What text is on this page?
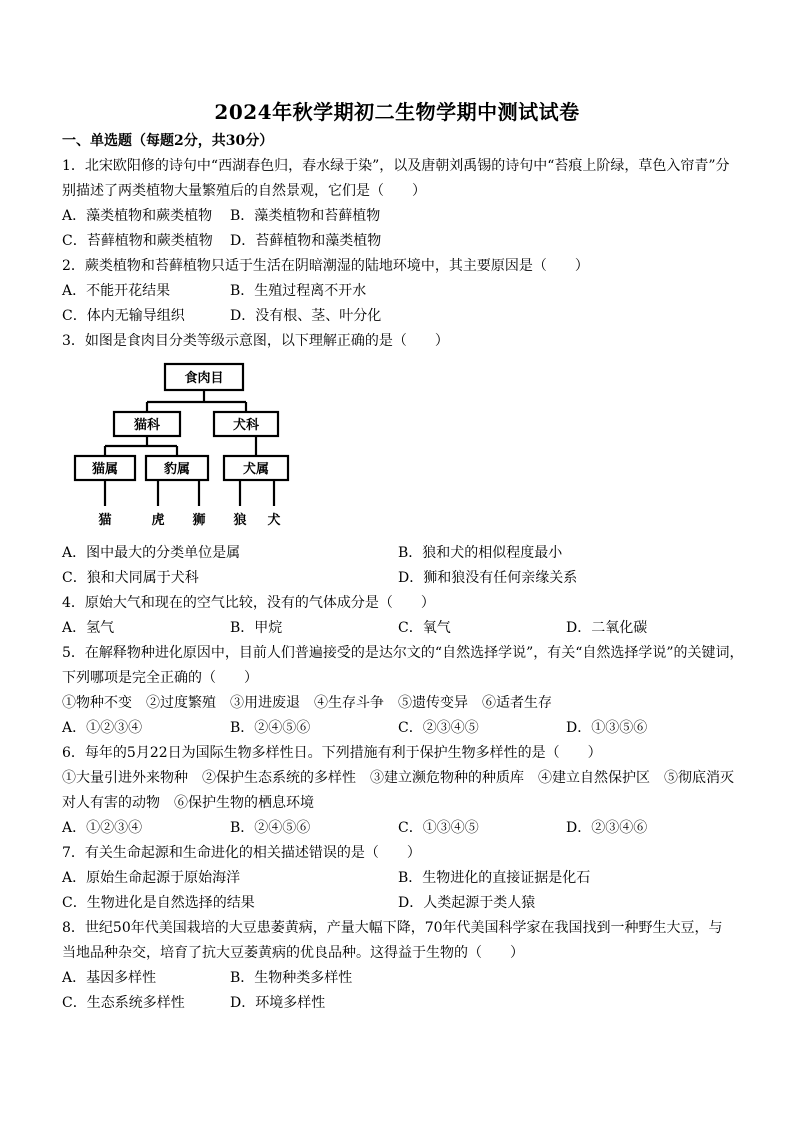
2024年秋学期初二生物学期中测试试卷
一、单选题（每题2分，共30分）
1．北宋欧阳修的诗句中“西湖春色归，春水绿于染”，以及唐朝刘禹锡的诗句中“苔痕上阶绿，草色入帘青”分
别描述了两类植物大量繁殖后的自然景观，它们是（　　）
A．藻类植物和蕨类植物 B．藻类植物和苔藓植物
C．苔藓植物和蕨类植物 D．苔藓植物和藻类植物
2．蕨类植物和苔藓植物只适于生活在阴暗潮湿的陆地环境中，其主要原因是（　　）
A．不能开花结果	B．生殖过程离不开水
C．体内无输导组织	D．没有根、茎、叶分化
3．如图是食肉目分类等级示意图，以下理解正确的是（　　）
食肉目
猫科	犬科
猫属	豹属	犬属
猫	虎 狮 狼 犬
A．图中最大的分类单位是属	B．狼和犬的相似程度最小
C．狼和犬同属于犬科	D．狮和狼没有任何亲缘关系
4．原始大气和现在的空气比较，没有的气体成分是（　　）
A．氢气	B．甲烷	C．氧气	D．二氧化碳
5．在解释物种进化原因中，目前人们普遍接受的是达尔文的“自然选择学说”，有关“自然选择学说”的关键词，
下列哪项是完全正确的（　　）
①物种不变　②过度繁殖　③用进废退　④生存斗争　⑤遗传变异　⑥适者生存
A．①②③④	B．②④⑤⑥	C．②③④⑤	D．①③⑤⑥
6．每年的5月22日为国际生物多样性日。下列措施有利于保护生物多样性的是（　　）
①大量引进外来物种　②保护生态系统的多样性　③建立濒危物种的种质库　④建立自然保护区　⑤彻底消灭
对人有害的动物　⑥保护生物的栖息环境
A．①②③④	B．②④⑤⑥	C．①③④⑤	D．②③④⑥
7．有关生命起源和生命进化的相关描述错误的是（　　）
A．原始生命起源于原始海洋	B．生物进化的直接证据是化石
C．生物进化是自然选择的结果	D．人类起源于类人猿
8．世纪50年代美国栽培的大豆患萎黄病，产量大幅下降，70年代美国科学家在我国找到一种野生大豆，与
当地品种杂交，培育了抗大豆萎黄病的优良品种。这得益于生物的（　　）
A．基因多样性	B．生物种类多样性
C．生态系统多样性	D．环境多样性
